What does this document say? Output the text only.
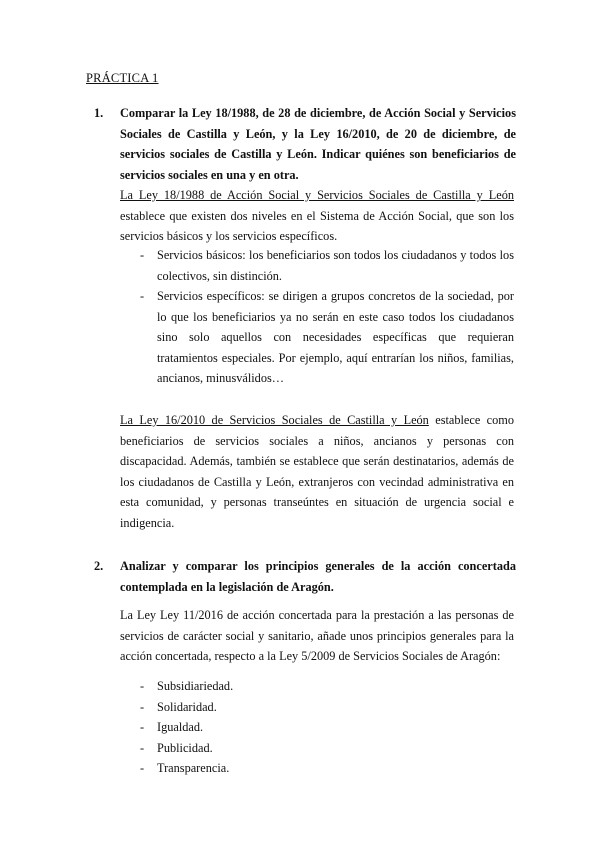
PRÁCTICA 1
1. Comparar la Ley 18/1988, de 28 de diciembre, de Acción Social y Servicios Sociales de Castilla y León, y la Ley 16/2010, de 20 de diciembre, de servicios sociales de Castilla y León. Indicar quiénes son beneficiarios de servicios sociales en una y en otra.
La Ley 18/1988 de Acción Social y Servicios Sociales de Castilla y León establece que existen dos niveles en el Sistema de Acción Social, que son los servicios básicos y los servicios específicos.
- Servicios básicos: los beneficiarios son todos los ciudadanos y todos los colectivos, sin distinción.
- Servicios específicos: se dirigen a grupos concretos de la sociedad, por lo que los beneficiarios ya no serán en este caso todos los ciudadanos sino solo aquellos con necesidades específicas que requieran tratamientos especiales. Por ejemplo, aquí entrarían los niños, familias, ancianos, minusválidos…
La Ley 16/2010 de Servicios Sociales de Castilla y León establece como beneficiarios de servicios sociales a niños, ancianos y personas con discapacidad. Además, también se establece que serán destinatarios, además de los ciudadanos de Castilla y León, extranjeros con vecindad administrativa en esta comunidad, y personas transeúntes en situación de urgencia social e indigencia.
2. Analizar y comparar los principios generales de la acción concertada contemplada en la legislación de Aragón.
La Ley Ley 11/2016 de acción concertada para la prestación a las personas de servicios de carácter social y sanitario, añade unos principios generales para la acción concertada, respecto a la Ley 5/2009 de Servicios Sociales de Aragón:
- Subsidiariedad.
- Solidaridad.
- Igualdad.
- Publicidad.
- Transparencia.
